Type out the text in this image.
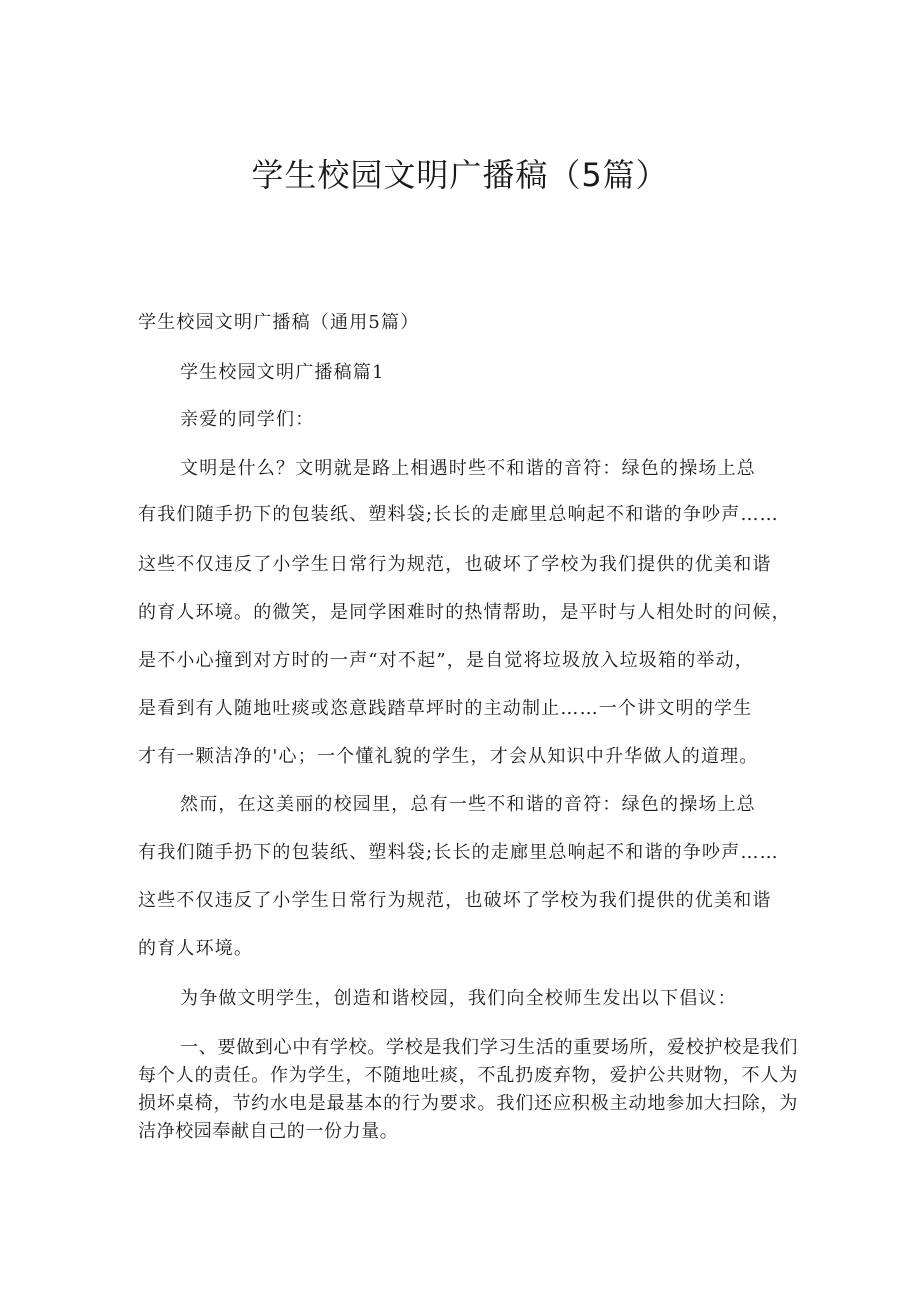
学生校园文明广播稿（5篇）
学生校园文明广播稿（通用5篇）
学生校园文明广播稿篇1
亲爱的同学们：
文明是什么？文明就是路上相遇时些不和谐的音符：绿色的操场上总
有我们随手扔下的包装纸、塑料袋;长长的走廊里总响起不和谐的争吵声……
这些不仅违反了小学生日常行为规范，也破坏了学校为我们提供的优美和谐
的育人环境。的微笑，是同学困难时的热情帮助，是平时与人相处时的问候，
是不小心撞到对方时的一声“对不起”，是自觉将垃圾放入垃圾箱的举动，
是看到有人随地吐痰或恣意践踏草坪时的主动制止……一个讲文明的学生
才有一颗洁净的'心；一个懂礼貌的学生，才会从知识中升华做人的道理。
然而，在这美丽的校园里，总有一些不和谐的音符：绿色的操场上总
有我们随手扔下的包装纸、塑料袋;长长的走廊里总响起不和谐的争吵声……
这些不仅违反了小学生日常行为规范，也破坏了学校为我们提供的优美和谐
的育人环境。
为争做文明学生，创造和谐校园，我们向全校师生发出以下倡议：
一、要做到心中有学校。学校是我们学习生活的重要场所，爱校护校是我们每个人的责任。作为学生，不随地吐痰，不乱扔废弃物，爱护公共财物，不人为损坏桌椅，节约水电是最基本的行为要求。我们还应积极主动地参加大扫除，为洁净校园奉献自己的一份力量。
